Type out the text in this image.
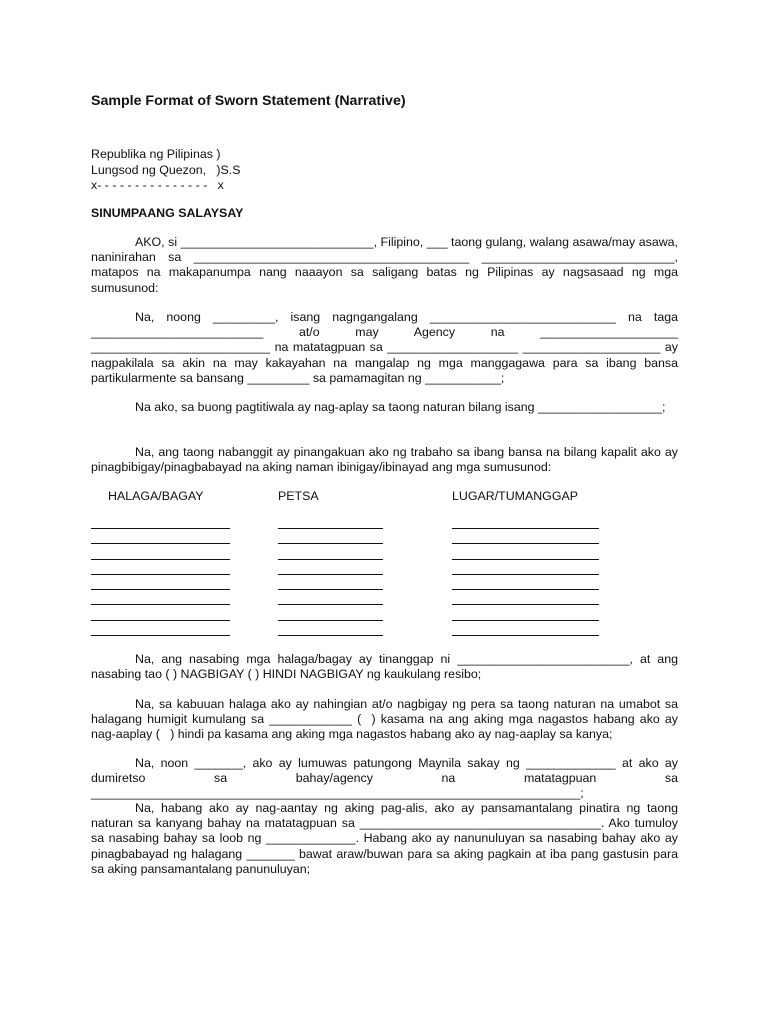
Sample Format of Sworn Statement (Narrative)
Republika ng Pilipinas )
Lungsod ng Quezon,   )S.S
x- - - - - - - - - - - - - - -   x
SINUMPAANG SALAYSAY

AKO, si ____________________________, Filipino, ___ taong gulang, walang asawa/may asawa, naninirahan sa ________________________________________ ____________________________, matapos na makapanumpa nang naaayon sa saligang batas ng Pilipinas ay nagsasaad ng mga sumusunod:

Na, noong _________, isang nagngangalang ___________________________ na taga _________________________ at/o may Agency na ____________________ __________________________ na matatagpuan sa ___________________ ____________________ ay nagpakilala sa akin na may kakayahan na mangalap ng mga manggagawa para sa ibang bansa partikularmente sa bansang _________ sa pamamagitan ng ___________;

Na ako, sa buong pagtitiwala ay nag-aplay sa taong naturan bilang isang __________________;

Na, ang taong nabanggit ay pinangakuan ako ng trabaho sa ibang bansa na bilang kapalit ako ay pinagbibigay/pinagbabayad na aking naman ibinigay/ibinayad ang mga sumusunod:

HALAGA/BAGAY	PETSA	LUGAR/TUMANGGAP

Na, ang nasabing mga halaga/bagay ay tinanggap ni _________________________, at ang nasabing tao ( ) NAGBIGAY ( ) HINDI NAGBIGAY ng kaukulang resibo;

Na, sa kabuuan halaga ako ay nahingian at/o nagbigay ng pera sa taong naturan na umabot sa halagang humigit kumulang sa ____________ (  ) kasama na ang aking mga nagastos habang ako ay nag-aaplay (   ) hindi pa kasama ang aking mga nagastos habang ako ay nag-aaplay sa kanya;

Na, noon _______, ako ay lumuwas patungong Maynila sakay ng _____________ at ako ay dumiretso sa bahay/agency na matatagpuan sa _______________________________________________________________________;

Na, habang ako ay nag-aantay ng aking pag-alis, ako ay pansamantalang pinatira ng taong naturan sa kanyang bahay na matatagpuan sa ___________________________________. Ako tumuloy sa nasabing bahay sa loob ng _____________. Habang ako ay nanunuluyan sa nasabing bahay ako ay pinagbabayad ng halagang _______ bawat araw/buwan para sa aking pagkain at iba pang gastusin para sa aking pansamantalang panunuluyan;
